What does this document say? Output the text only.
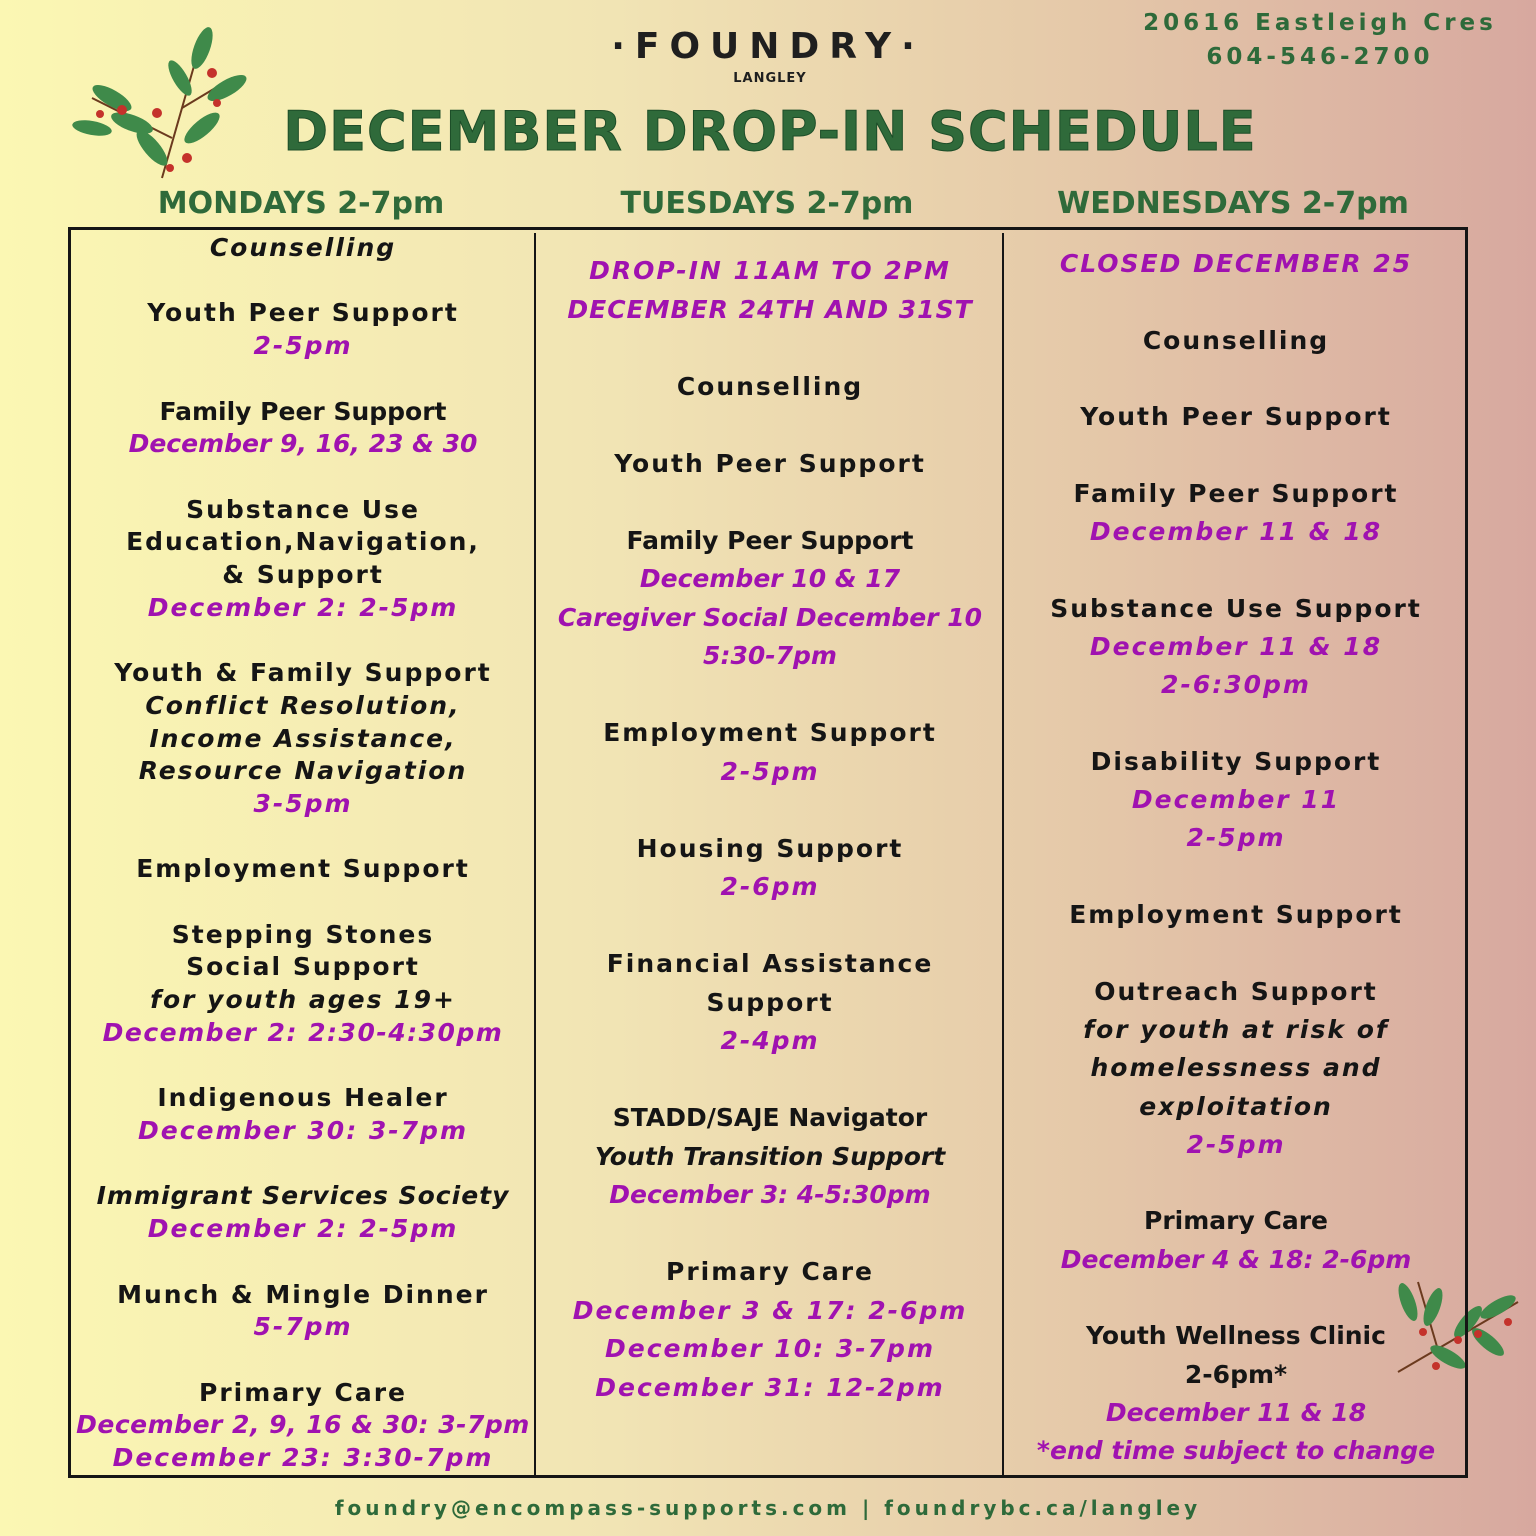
·FOUNDRY·
LANGLEY
20616 Eastleigh Cres
604-546-2700
DECEMBER DROP-IN SCHEDULE
MONDAYS 2-7pm	TUESDAYS 2-7pm	WEDNESDAYS 2-7pm
Counselling

Youth Peer Support
2-5pm

Family Peer Support
December 9, 16, 23 & 30

Substance Use
Education,Navigation,
& Support
December 2: 2-5pm

Youth & Family Support
Conflict Resolution,
Income Assistance,
Resource Navigation
3-5pm

Employment Support

Stepping Stones
Social Support
for youth ages 19+
December 2: 2:30-4:30pm

Indigenous Healer
December 30: 3-7pm

Immigrant Services Society
December 2: 2-5pm

Munch & Mingle Dinner
5-7pm

Primary Care
December 2, 9, 16 & 30: 3-7pm
December 23: 3:30-7pm
DROP-IN 11AM TO 2PM
DECEMBER 24TH AND 31ST

Counselling

Youth Peer Support

Family Peer Support
December 10 & 17
Caregiver Social December 10
5:30-7pm

Employment Support
2-5pm

Housing Support
2-6pm

Financial Assistance
Support
2-4pm

STADD/SAJE Navigator
Youth Transition Support
December 3: 4-5:30pm

Primary Care
December 3 & 17: 2-6pm
December 10: 3-7pm
December 31: 12-2pm
CLOSED DECEMBER 25

Counselling

Youth Peer Support

Family Peer Support
December 11 & 18

Substance Use Support
December 11 & 18
2-6:30pm

Disability Support
December 11
2-5pm

Employment Support

Outreach Support
for youth at risk of
homelessness and
exploitation
2-5pm

Primary Care
December 4 & 18: 2-6pm

Youth Wellness Clinic
2-6pm*
December 11 & 18
*end time subject to change
foundry@encompass-supports.com | foundrybc.ca/langley
